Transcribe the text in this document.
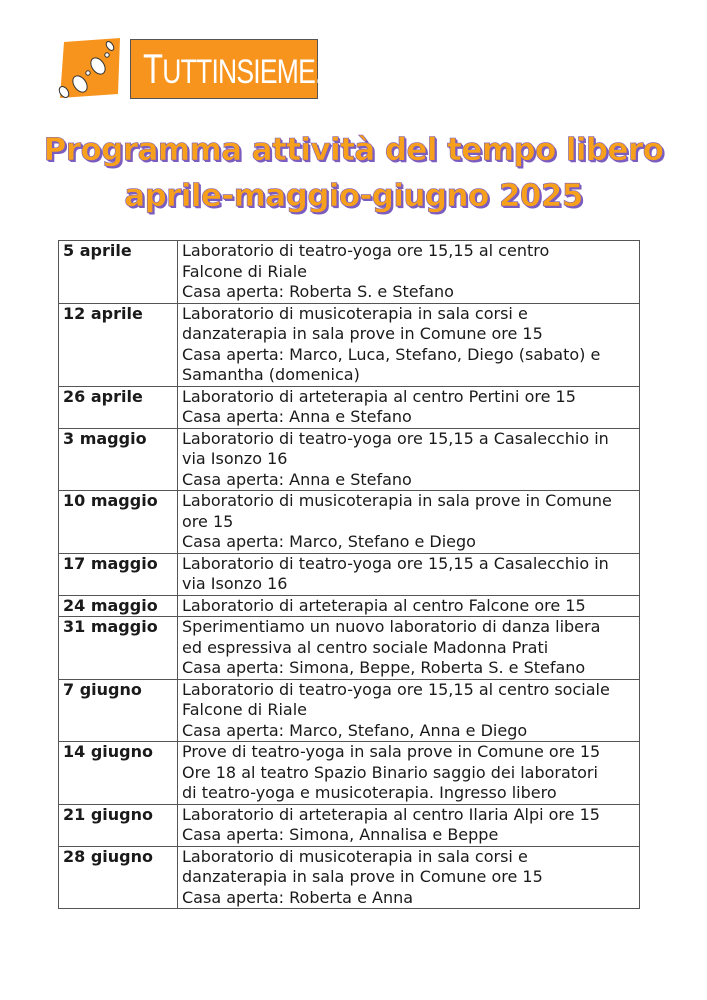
TUTTINSIEME...
Programma attività del tempo libero
aprile-maggio-giugno 2025
5 aprile	Laboratorio di teatro-yoga ore 15,15 al centro
Falcone di Riale
Casa aperta: Roberta S. e Stefano

12 aprile	Laboratorio di musicoterapia in sala corsi e
danzaterapia in sala prove in Comune ore 15
Casa aperta: Marco, Luca, Stefano, Diego (sabato) e
Samantha (domenica)

26 aprile	Laboratorio di arteterapia al centro Pertini ore 15
Casa aperta: Anna e Stefano

3 maggio	Laboratorio di teatro-yoga ore 15,15 a Casalecchio in
via Isonzo 16
Casa aperta: Anna e Stefano

10 maggio	Laboratorio di musicoterapia in sala prove in Comune
ore 15
Casa aperta: Marco, Stefano e Diego

17 maggio	Laboratorio di teatro-yoga ore 15,15 a Casalecchio in
via Isonzo 16

24 maggio	Laboratorio di arteterapia al centro Falcone ore 15

31 maggio	Sperimentiamo un nuovo laboratorio di danza libera
ed espressiva al centro sociale Madonna Prati
Casa aperta: Simona, Beppe, Roberta S. e Stefano

7 giugno	Laboratorio di teatro-yoga ore 15,15 al centro sociale
Falcone di Riale
Casa aperta: Marco, Stefano, Anna e Diego

14 giugno	Prove di teatro-yoga in sala prove in Comune ore 15
Ore 18 al teatro Spazio Binario saggio dei laboratori
di teatro-yoga e musicoterapia. Ingresso libero

21 giugno	Laboratorio di arteterapia al centro Ilaria Alpi ore 15
Casa aperta: Simona, Annalisa e Beppe

28 giugno	Laboratorio di musicoterapia in sala corsi e
danzaterapia in sala prove in Comune ore 15
Casa aperta: Roberta e Anna
